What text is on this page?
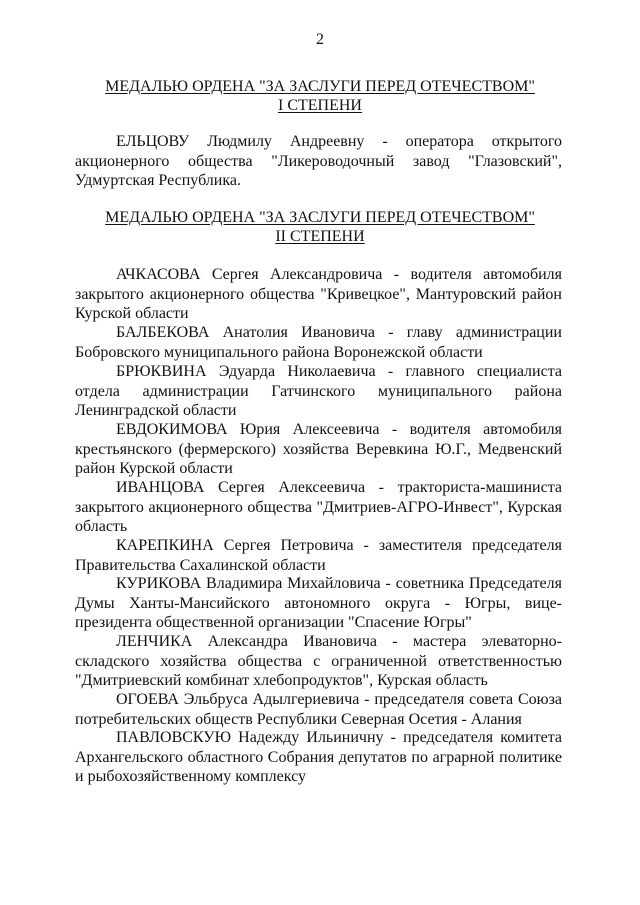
2
МЕДАЛЬЮ ОРДЕНА "ЗА ЗАСЛУГИ ПЕРЕД ОТЕЧЕСТВОМ"
I СТЕПЕНИ

ЕЛЬЦОВУ Людмилу Андреевну - оператора открытого акционерного общества "Ликероводочный завод "Глазовский", Удмуртская Республика.

МЕДАЛЬЮ ОРДЕНА "ЗА ЗАСЛУГИ ПЕРЕД ОТЕЧЕСТВОМ"
II СТЕПЕНИ

АЧКАСОВА Сергея Александровича - водителя автомобиля закрытого акционерного общества "Кривецкое", Мантуровский район Курской области

БАЛБЕКОВА Анатолия Ивановича - главу администрации Бобровского муниципального района Воронежской области

БРЮКВИНА Эдуарда Николаевича - главного специалиста отдела администрации Гатчинского муниципального района Ленинградской области

ЕВДОКИМОВА Юрия Алексеевича - водителя автомобиля крестьянского (фермерского) хозяйства Веревкина Ю.Г., Медвенский район Курской области

ИВАНЦОВА Сергея Алексеевича - тракториста-машиниста закрытого акционерного общества "Дмитриев-АГРО-Инвест", Курская область

КАРЕПКИНА Сергея Петровича - заместителя председателя Правительства Сахалинской области

КУРИКОВА Владимира Михайловича - советника Председателя Думы Ханты-Мансийского автономного округа - Югры, вице-президента общественной организации "Спасение Югры"

ЛЕНЧИКА Александра Ивановича - мастера элеваторно-складского хозяйства общества с ограниченной ответственностью "Дмитриевский комбинат хлебопродуктов", Курская область

ОГОЕВА Эльбруса Адылгериевича - председателя совета Союза потребительских обществ Республики Северная Осетия - Алания

ПАВЛОВСКУЮ Надежду Ильиничну - председателя комитета Архангельского областного Собрания депутатов по аграрной политике и рыбохозяйственному комплексу
